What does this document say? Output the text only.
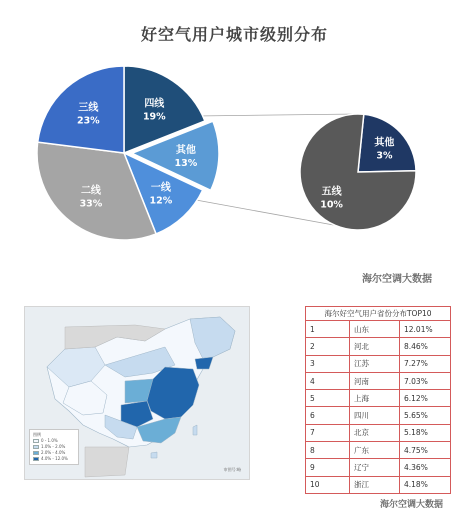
好空气用户城市级别分布
四线
19%
其他
13%
一线
12%
二线
33%
三线
23%
其他
3%
五线
10%
海尔空调大数据
图例
0 - 1.0%
1.0% - 2.0%
2.0% - 4.0%
4.0% - 12.0%
审图号:略
海尔好空气用户省份分布TOP10
1	山东	12.01%
2	河北	8.46%
3	江苏	7.27%
4	河南	7.03%
5	上海	6.12%
6	四川	5.65%
7	北京	5.18%
8	广东	4.75%
9	辽宁	4.36%
10	浙江	4.18%
海尔空调大数据
